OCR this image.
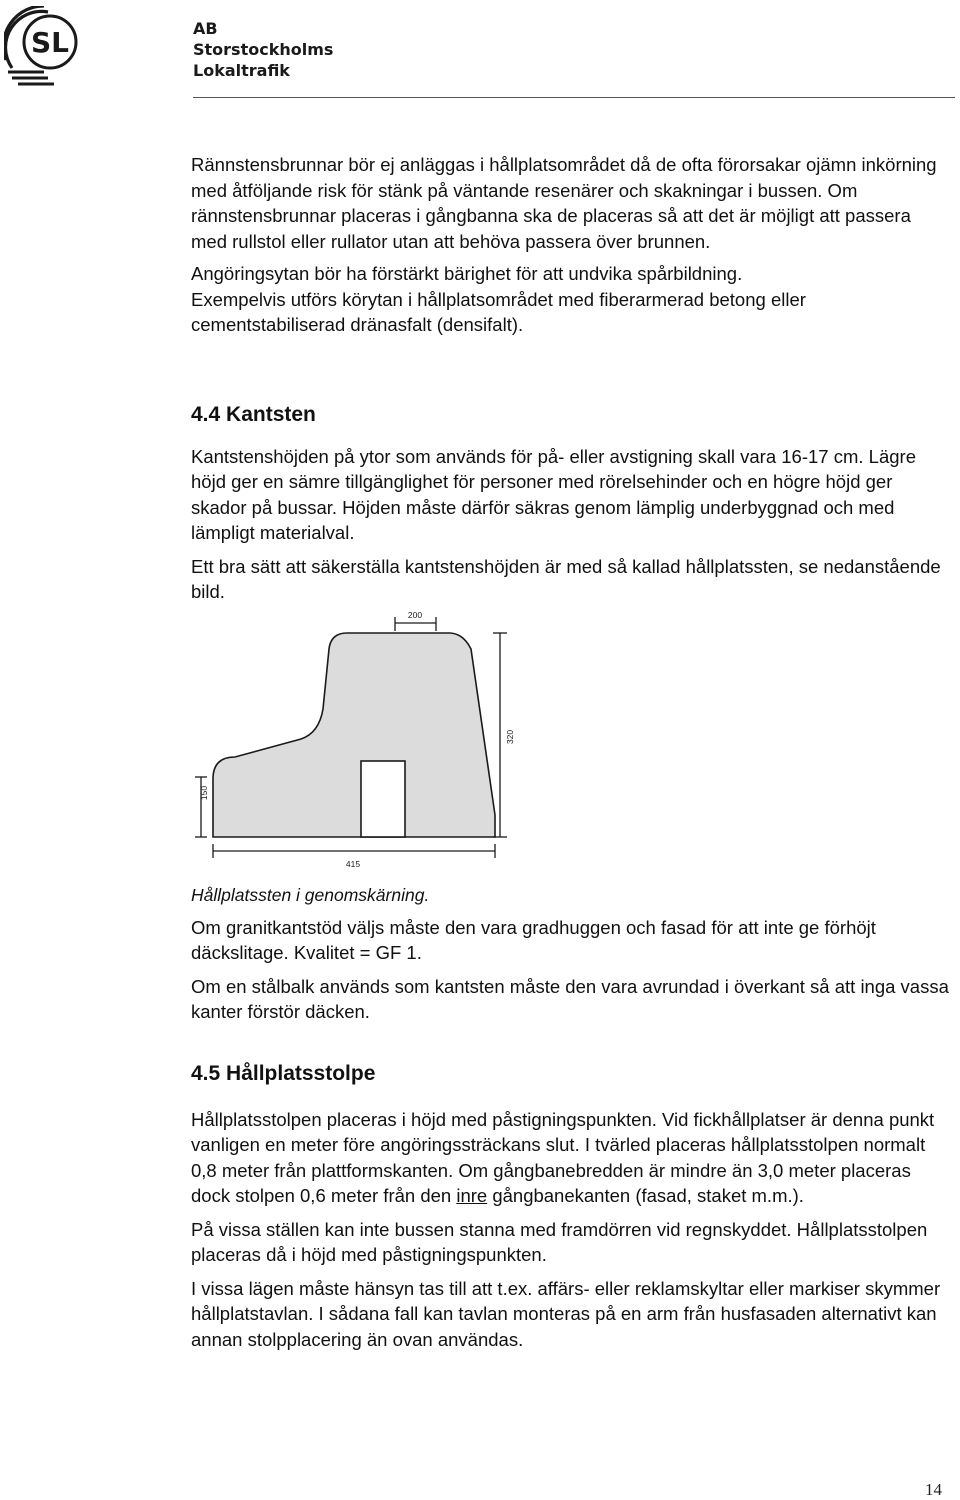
SL	AB
Storstockholms
Lokaltrafik

Rännstensbrunnar bör ej anläggas i hållplatsområdet då de ofta förorsakar ojämn inkörning med åtföljande risk för stänk på väntande resenärer och skakningar i bussen. Om rännstensbrunnar placeras i gångbanna ska de placeras så att det är möjligt att passera med rullstol eller rullator utan att behöva passera över brunnen.

Angöringsytan bör ha förstärkt bärighet för att undvika spårbildning.

Exempelvis utförs körytan i hållplatsområdet med fiberarmerad betong eller cementstabiliserad dränasfalt (densifalt).

4.4 Kantsten

Kantstenshöjden på ytor som används för på- eller avstigning skall vara 16-17 cm. Lägre höjd ger en sämre tillgänglighet för personer med rörelsehinder och en högre höjd ger skador på bussar. Höjden måste därför säkras genom lämplig underbyggnad och med lämpligt materialval.

Ett bra sätt att säkerställa kantstenshöjden är med så kallad hållplatssten, se nedanstående bild.

200
320
150
415

Hållplatssten i genomskärning.

Om granitkantstöd väljs måste den vara gradhuggen och fasad för att inte ge förhöjt däckslitage. Kvalitet = GF 1.

Om en stålbalk används som kantsten måste den vara avrundad i överkant så att inga vassa kanter förstör däcken.

4.5 Hållplatsstolpe

Hållplatsstolpen placeras i höjd med påstigningspunkten. Vid fickhållplatser är denna punkt vanligen en meter före angöringssträckans slut. I tvärled placeras hållplatsstolpen normalt 0,8 meter från plattformskanten. Om gångbanebredden är mindre än 3,0 meter placeras dock stolpen 0,6 meter från den inre gångbanekanten (fasad, staket m.m.).

På vissa ställen kan inte bussen stanna med framdörren vid regnskyddet. Hållplatsstolpen placeras då i höjd med påstigningspunkten.

I vissa lägen måste hänsyn tas till att t.ex. affärs- eller reklamskyltar eller markiser skymmer hållplatstavlan. I sådana fall kan tavlan monteras på en arm från husfasaden alternativt kan annan stolpplacering än ovan användas.

14
